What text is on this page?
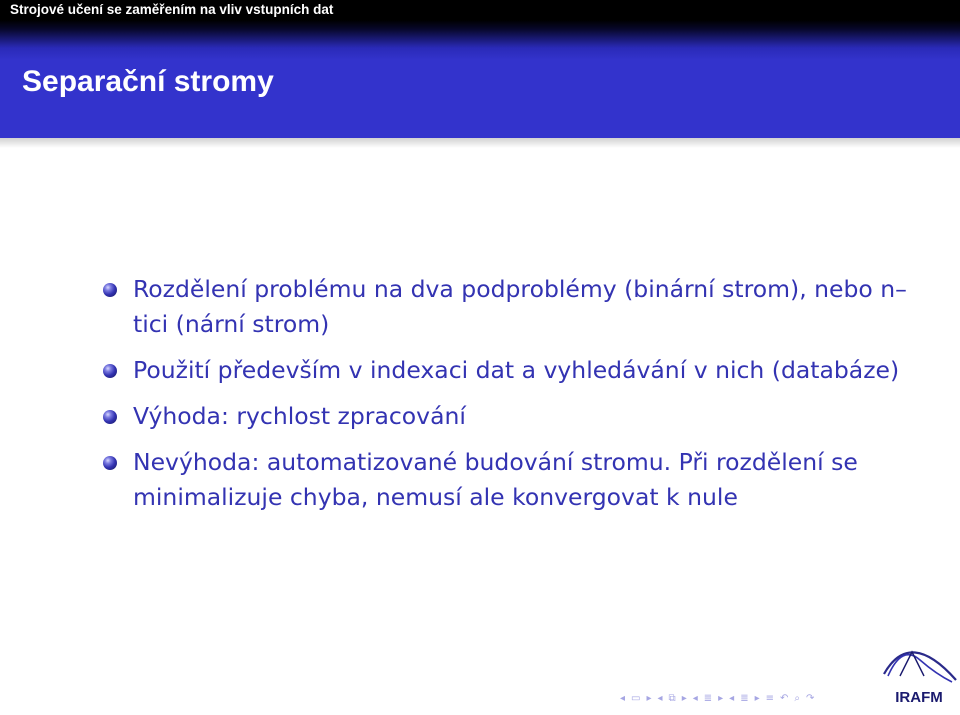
Strojové učení se zaměřením na vliv vstupních dat
Separační stromy
Rozdělení problému na dva podproblémy (binární strom), nebo n–tici (nární strom)
Použití především v indexaci dat a vyhledávání v nich (databáze)
Výhoda: rychlost zpracování
Nevýhoda: automatizované budování stromu. Při rozdělení se minimalizuje chyba, nemusí ale konvergovat k nule
IRAFM
◂ ▭ ▸ ◂ ⧉ ▸ ◂ ≣ ▸ ◂ ≣ ▸ ≡ ↶ ⌕ ↷
